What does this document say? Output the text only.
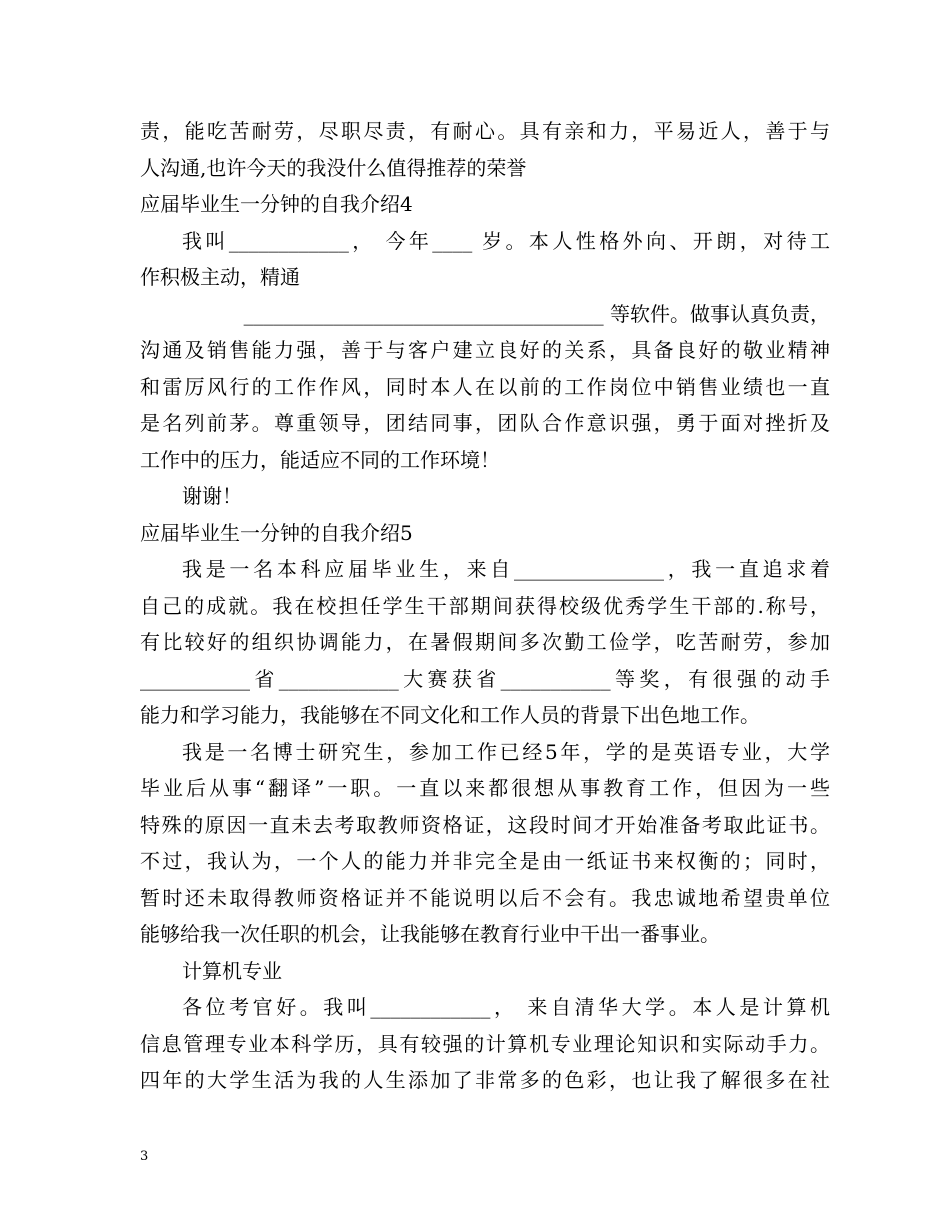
责，能吃苦耐劳，尽职尽责，有耐心。具有亲和力，平易近人，善于与
人沟通,也许今天的我没什么值得推荐的荣誉
应届毕业生一分钟的自我介绍4
我叫____________， 今年____ 岁。本人性格外向、开朗，对待工
作积极主动，精通
____________________________________ 等软件。做事认真负责，
沟通及销售能力强，善于与客户建立良好的关系，具备良好的敬业精神
和雷厉风行的工作作风，同时本人在以前的工作岗位中销售业绩也一直
是名列前茅。尊重领导，团结同事，团队合作意识强，勇于面对挫折及
工作中的压力，能适应不同的工作环境！
谢谢！
应届毕业生一分钟的自我介绍5
我是一名本科应届毕业生，来自_______________，我一直追求着
自己的成就。我在校担任学生干部期间获得校级优秀学生干部的.称号，
有比较好的组织协调能力，在暑假期间多次勤工俭学，吃苦耐劳，参加
___________省____________大赛获省___________等奖，有很强的动手
能力和学习能力，我能够在不同文化和工作人员的背景下出色地工作。
我是一名博士研究生，参加工作已经5年，学的是英语专业，大学
毕业后从事“翻译”一职。一直以来都很想从事教育工作，但因为一些
特殊的原因一直未去考取教师资格证，这段时间才开始准备考取此证书。
不过，我认为，一个人的能力并非完全是由一纸证书来权衡的；同时，
暂时还未取得教师资格证并不能说明以后不会有。我忠诚地希望贵单位
能够给我一次任职的机会，让我能够在教育行业中干出一番事业。
计算机专业
各位考官好。我叫____________， 来自清华大学。本人是计算机
信息管理专业本科学历，具有较强的计算机专业理论知识和实际动手力。
四年的大学生活为我的人生添加了非常多的色彩，也让我了解很多在社
3
